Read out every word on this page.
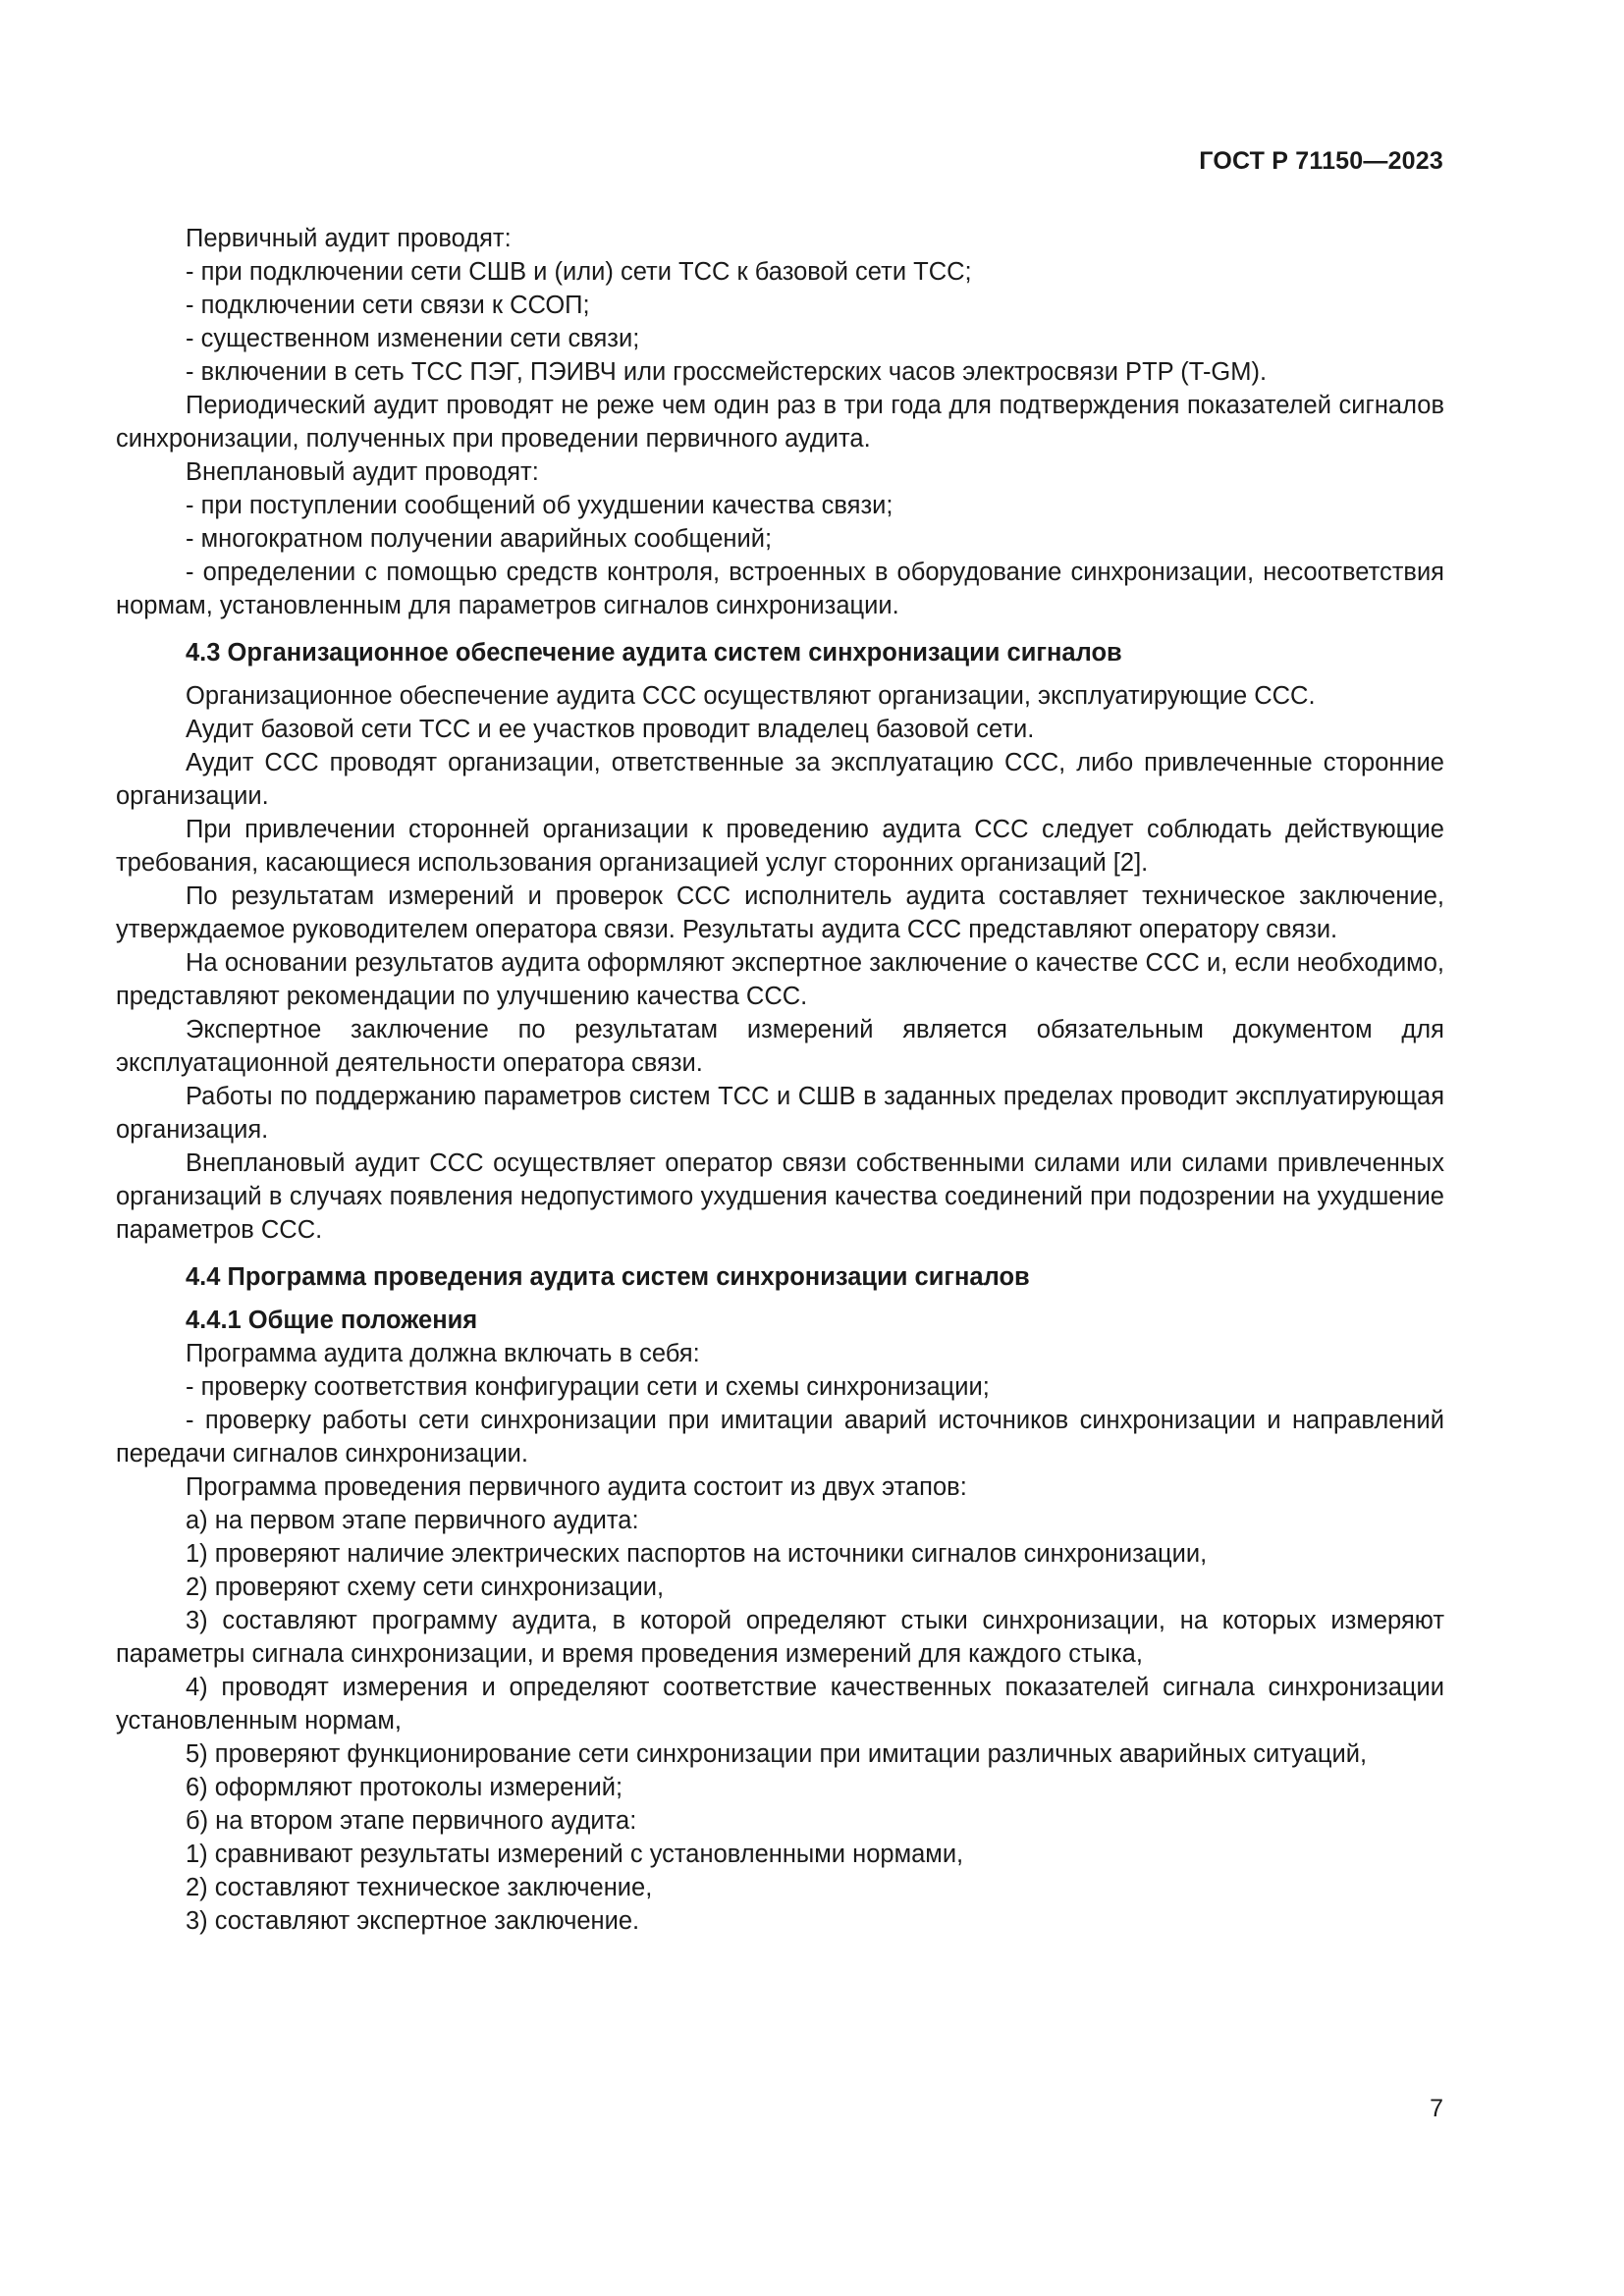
ГОСТ Р 71150—2023

Первичный аудит проводят:

- при подключении сети СШВ и (или) сети ТСС к базовой сети ТСС;

- подключении сети связи к ССОП;

- существенном изменении сети связи;

- включении в сеть ТСС ПЭГ, ПЭИВЧ или гроссмейстерских часов электросвязи PTP (T-GM).

Периодический аудит проводят не реже чем один раз в три года для подтверждения показателей сигналов синхронизации, полученных при проведении первичного аудита.

Внеплановый аудит проводят:

- при поступлении сообщений об ухудшении качества связи;

- многократном получении аварийных сообщений;

- определении с помощью средств контроля, встроенных в оборудование синхронизации, несоответствия нормам, установленным для параметров сигналов синхронизации.

4.3 Организационное обеспечение аудита систем синхронизации сигналов

Организационное обеспечение аудита ССС осуществляют организации, эксплуатирующие ССС.

Аудит базовой сети ТСС и ее участков проводит владелец базовой сети.

Аудит ССС проводят организации, ответственные за эксплуатацию ССС, либо привлеченные сторонние организации.

При привлечении сторонней организации к проведению аудита ССС следует соблюдать действующие требования, касающиеся использования организацией услуг сторонних организаций [2].

По результатам измерений и проверок ССС исполнитель аудита составляет техническое заключение, утверждаемое руководителем оператора связи. Результаты аудита ССС представляют оператору связи.

На основании результатов аудита оформляют экспертное заключение о качестве ССС и, если необходимо, представляют рекомендации по улучшению качества ССС.

Экспертное заключение по результатам измерений является обязательным документом для эксплуатационной деятельности оператора связи.

Работы по поддержанию параметров систем ТСС и СШВ в заданных пределах проводит эксплуатирующая организация.

Внеплановый аудит ССС осуществляет оператор связи собственными силами или силами привлеченных организаций в случаях появления недопустимого ухудшения качества соединений при подозрении на ухудшение параметров ССС.

4.4 Программа проведения аудита систем синхронизации сигналов

4.4.1 Общие положения

Программа аудита должна включать в себя:

- проверку соответствия конфигурации сети и схемы синхронизации;

- проверку работы сети синхронизации при имитации аварий источников синхронизации и направлений передачи сигналов синхронизации.

Программа проведения первичного аудита состоит из двух этапов:

а) на первом этапе первичного аудита:

1) проверяют наличие электрических паспортов на источники сигналов синхронизации,

2) проверяют схему сети синхронизации,

3) составляют программу аудита, в которой определяют стыки синхронизации, на которых измеряют параметры сигнала синхронизации, и время проведения измерений для каждого стыка,

4) проводят измерения и определяют соответствие качественных показателей сигнала синхронизации установленным нормам,

5) проверяют функционирование сети синхронизации при имитации различных аварийных ситуаций,

6) оформляют протоколы измерений;

б) на втором этапе первичного аудита:

1) сравнивают результаты измерений с установленными нормами,

2) составляют техническое заключение,

3) составляют экспертное заключение.

7
